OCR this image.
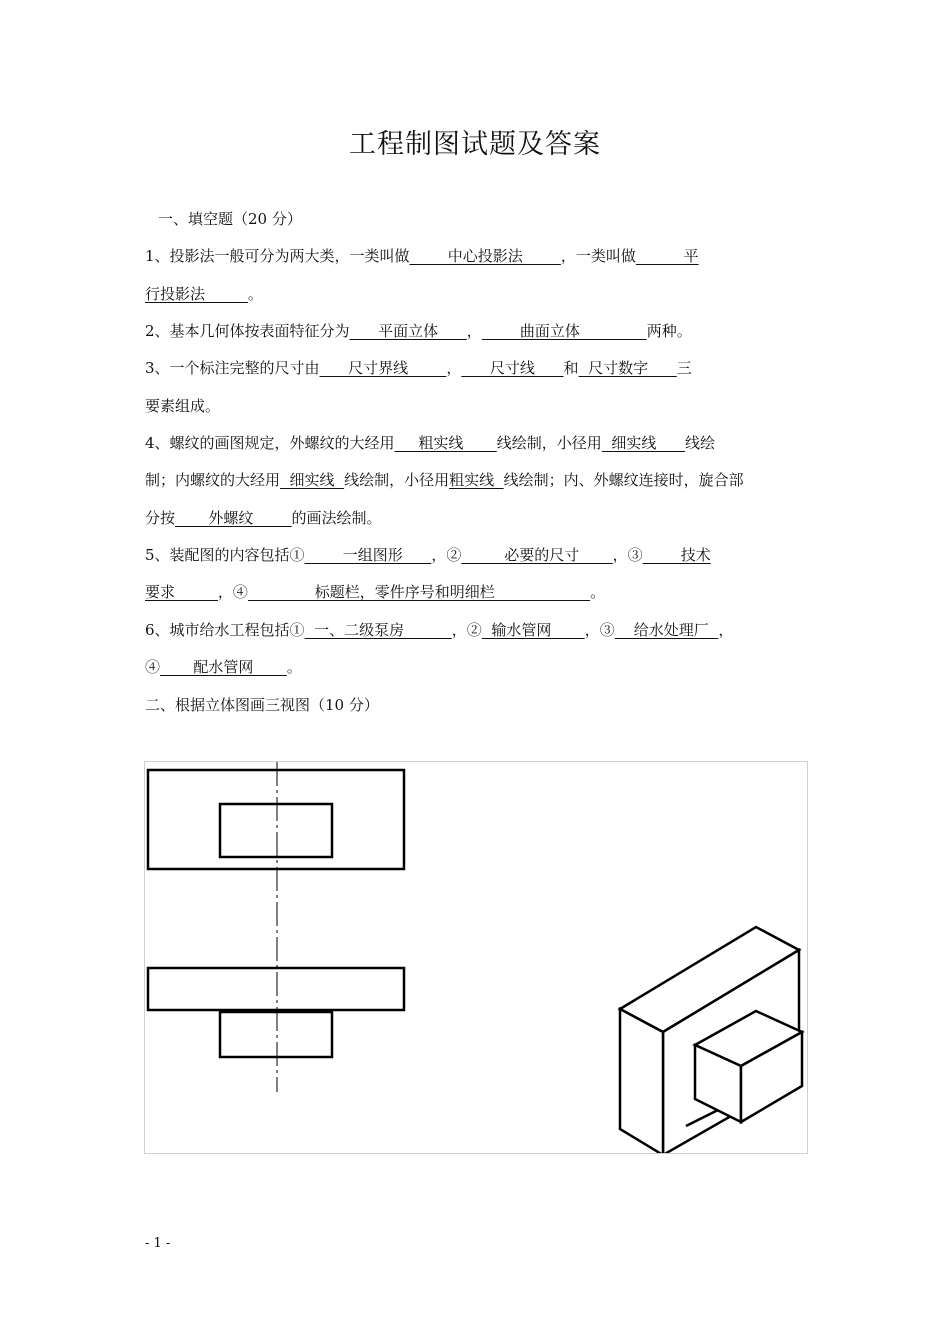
工程制图试题及答案
一、填空题（20 分）
1、投影法一般可分为两大类，一类叫做        中心投影法        ，一类叫做          平
行投影法         。
2、基本几何体按表面特征分为      平面立体      ，        曲面立体              两种。
3、一个标注完整的尺寸由      尺寸界线        ，      尺寸线      和  尺寸数字      三
要素组成。
4、螺纹的画图规定，外螺纹的大经用     粗实线       线绘制，小径用  细实线      线绘
制；内螺纹的大经用  细实线  线绘制，小径用粗实线  线绘制；内、外螺纹连接时，旋合部
分按       外螺纹        的画法绘制。
5、装配图的内容包括①        一组图形      ，②         必要的尺寸       ，③        技术
要求         ，④              标题栏，零件序号和明细栏                    。
6、城市给水工程包括①  一、二级泵房          ，②  输水管网       ，③    给水处理厂  ，
④       配水管网       。
二、根据立体图画三视图（10 分）
- 1 -
